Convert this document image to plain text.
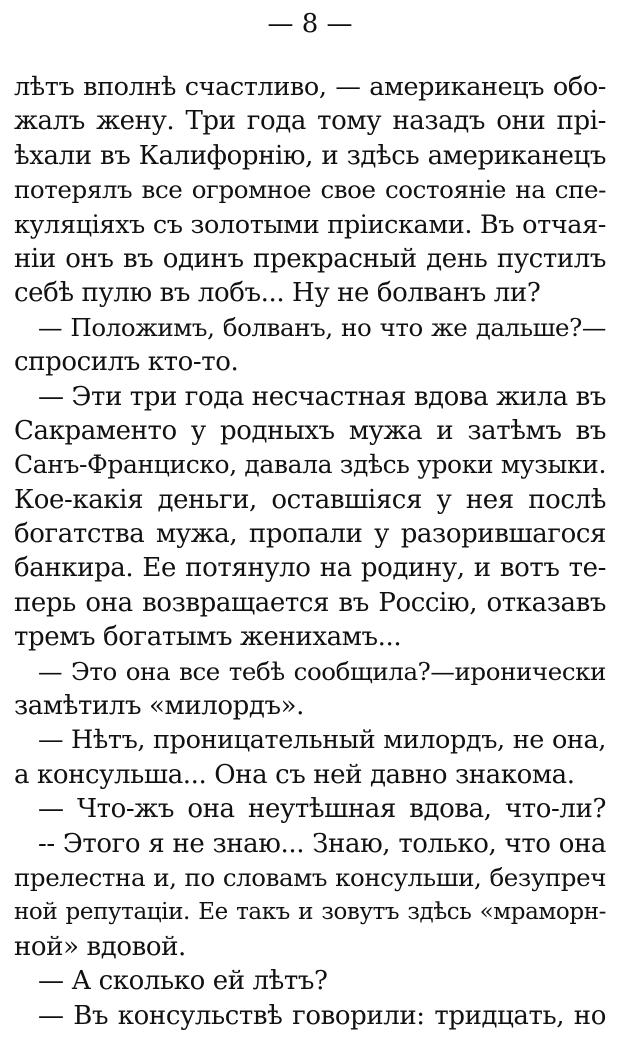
— 8 —
лѣтъ вполнѣ счастливо, — американецъ обо-
жалъ жену. Три года тому назадъ они прі-
ѣхали въ Калифорнію, и здѣсь американецъ
потерялъ все огромное свое состояніе на спе-
куляціяхъ съ золотыми пріисками. Въ отчая-
ніи онъ въ одинъ прекрасный день пустилъ
себѣ пулю въ лобъ... Ну не болванъ ли?
— Положимъ, болванъ, но что же дальше?—
спросилъ кто-то.
— Эти три года несчастная вдова жила въ
Сакраменто у родныхъ мужа и затѣмъ въ
Санъ-Франциско, давала здѣсь уроки музыки.
Кое-какія деньги, оставшіяся у нея послѣ
богатства мужа, пропали у разорившагося
банкира. Ее потянуло на родину, и вотъ те-
перь она возвращается въ Россію, отказавъ
тремъ богатымъ женихамъ...
— Это она все тебѣ сообщила?—иронически
замѣтилъ «милордъ».
— Нѣтъ, проницательный милордъ, не она,
а консульша... Она съ ней давно знакома.
— Что-жъ она неутѣшная вдова, что-ли?
-- Этого я не знаю... Знаю, только, что она
прелестна и, по словамъ консульши, безупреч
ной репутаціи. Ее такъ и зовутъ здѣсь «мраморн-
ной» вдовой.
— А сколько ей лѣтъ?
— Въ консульствѣ говорили: тридцать, но
